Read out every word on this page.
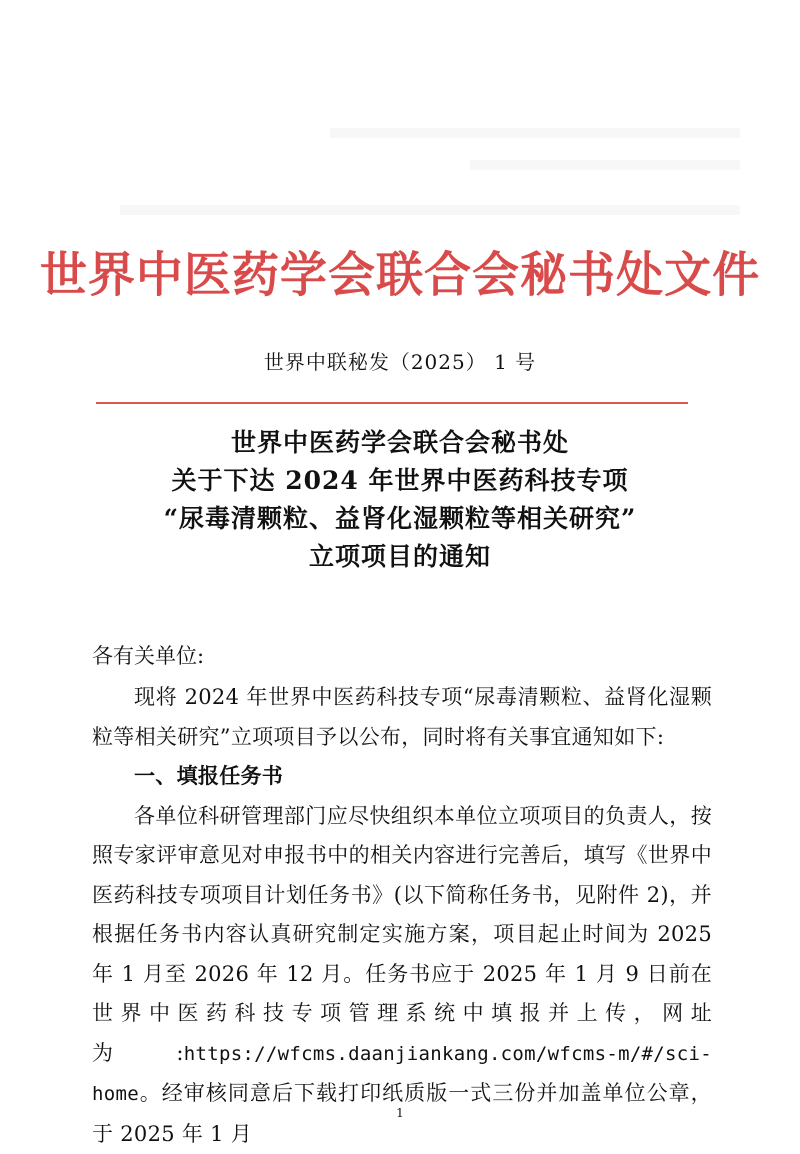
世界中医药学会联合会秘书处文件
世界中联秘发（2025） 1 号
世界中医药学会联合会秘书处
关于下达 2024 年世界中医药科技专项
“尿毒清颗粒、益肾化湿颗粒等相关研究”
立项项目的通知
各有关单位:

现将 2024 年世界中医药科技专项“尿毒清颗粒、益肾化湿颗粒等相关研究”立项项目予以公布，同时将有关事宜通知如下:

一、填报任务书

各单位科研管理部门应尽快组织本单位立项项目的负责人，按照专家评审意见对申报书中的相关内容进行完善后，填写《世界中医药科技专项项目计划任务书》(以下简称任务书，见附件 2)，并根据任务书内容认真研究制定实施方案，项目起止时间为 2025 年 1 月至 2026 年 12 月。任务书应于 2025 年 1 月 9 日前在世界中医药科技专项管理系统中填报并上传，网址为:https://wfcms.daanjiankang.com/wfcms-m/#/sci-home。经审核同意后下载打印纸质版一式三份并加盖单位公章，于 2025 年 1 月

1
